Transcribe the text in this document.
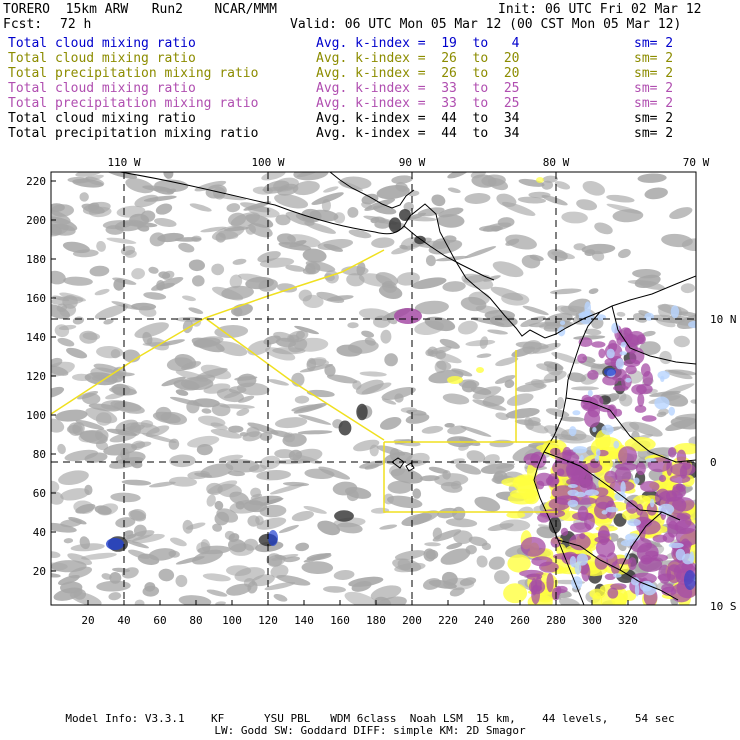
TORERO  15km ARW   Run2    NCAR/MMM	Init: 06 UTC Fri 02 Mar 12
Fcst: 72 h	Valid: 06 UTC Mon 05 Mar 12 (00 CST Mon 05 Mar 12)
Total cloud mixing ratio	Avg. k-index =  19  to   4	sm= 2
Total cloud mixing ratio	Avg. k-index =  26  to  20	sm= 2
Total precipitation mixing ratio	Avg. k-index =  26  to  20	sm= 2
Total cloud mixing ratio	Avg. k-index =  33  to  25	sm= 2
Total precipitation mixing ratio	Avg. k-index =  33  to  25	sm= 2
Total cloud mixing ratio	Avg. k-index =  44  to  34	sm= 2
Total precipitation mixing ratio	Avg. k-index =  44  to  34	sm= 2
20 40 60 80 100 120 140 160 180 200 220 240 260 280 300 320
20
40
60
80
100
120
140
160
180
200
220
110 W	100 W	90 W	80 W	70 W
10 N
0
10 S
Model Info: V3.3.1    KF      YSU PBL   WDM 6class  Noah LSM  15 km,    44 levels,    54 sec
LW: Godd SW: Goddard DIFF: simple KM: 2D Smagor
